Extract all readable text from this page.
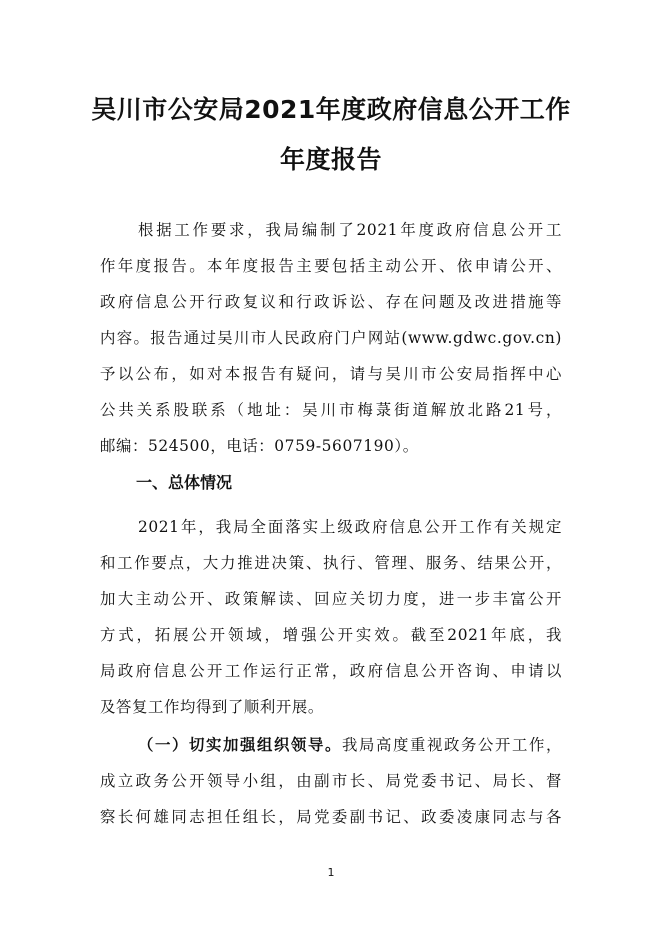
吴川市公安局2021年度政府信息公开工作
年度报告

根据工作要求，我局编制了2021年度政府信息公开工

作年度报告。本年度报告主要包括主动公开、依申请公开、

政府信息公开行政复议和行政诉讼、存在问题及改进措施等

内容。报告通过吴川市人民政府门户网站(www.gdwc.gov.cn)

予以公布，如对本报告有疑问，请与吴川市公安局指挥中心

公共关系股联系（地址：吴川市梅菉街道解放北路21号，

邮编：524500，电话：0759-5607190）。

一、总体情况

2021年，我局全面落实上级政府信息公开工作有关规定

和工作要点，大力推进决策、执行、管理、服务、结果公开，

加大主动公开、政策解读、回应关切力度，进一步丰富公开

方式，拓展公开领域，增强公开实效。截至2021年底，我

局政府信息公开工作运行正常，政府信息公开咨询、申请以

及答复工作均得到了顺利开展。

（一）切实加强组织领导。我局高度重视政务公开工作，

成立政务公开领导小组，由副市长、局党委书记、局长、督

察长何雄同志担任组长，局党委副书记、政委凌康同志与各

1
